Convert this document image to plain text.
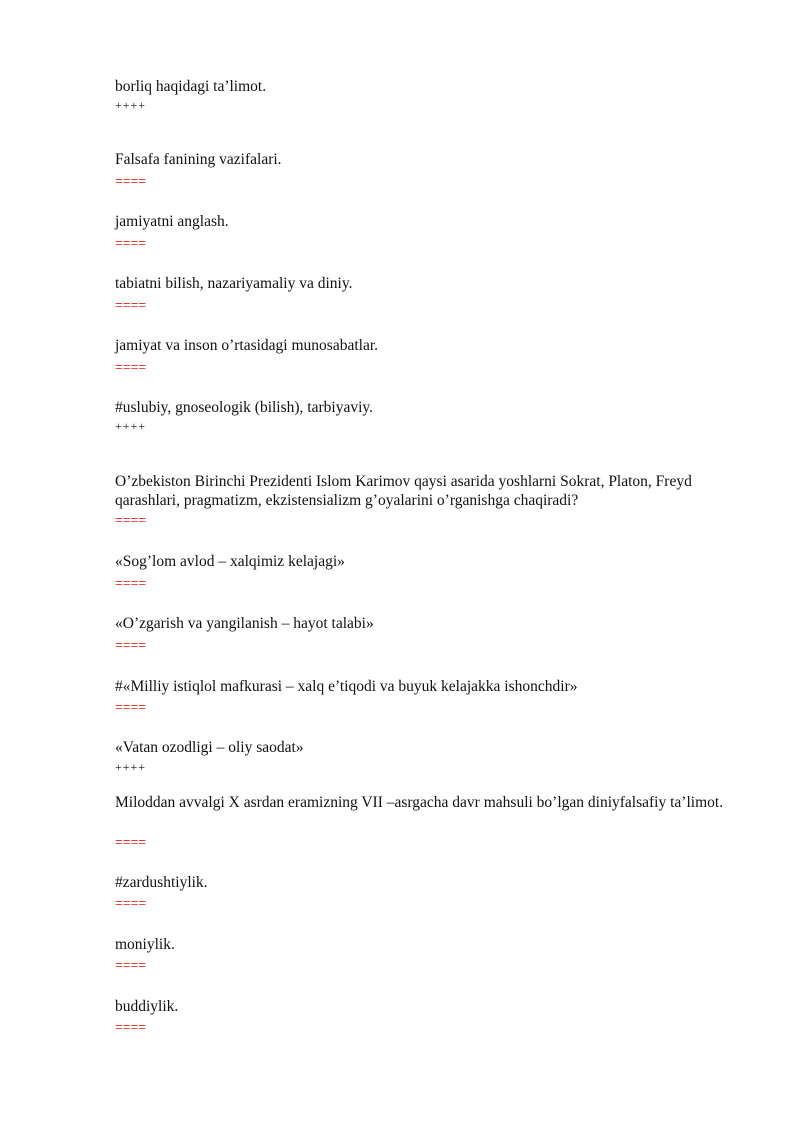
borliq haqidagi ta’limot.
++++
Falsafa fanining vazifalari.
====
jamiyatni anglash.
====
tabiatni bilish, nazariyamaliy va diniy.
====
jamiyat va inson o’rtasidagi munosabatlar.
====
#uslubiy, gnoseologik (bilish), tarbiyaviy.
++++
O’zbekiston Birinchi Prezidenti Islom Karimov qaysi asarida yoshlarni Sokrat, Platon, Freyd qarashlari, pragmatizm, ekzistensializm g’oyalarini o’rganishga chaqiradi?
====
«Sog’lom avlod – xalqimiz kelajagi»
====
«O’zgarish va yangilanish – hayot talabi»
====
#«Milliy istiqlol mafkurasi – xalq e’tiqodi va buyuk kelajakka ishonchdir»
====
«Vatan ozodligi – oliy saodat»
++++
Miloddan avvalgi X asrdan eramizning VII –asrgacha davr mahsuli bo’lgan diniyfalsafiy ta’limot.
====
#zardushtiylik.
====
moniylik.
====
buddiylik.
====
